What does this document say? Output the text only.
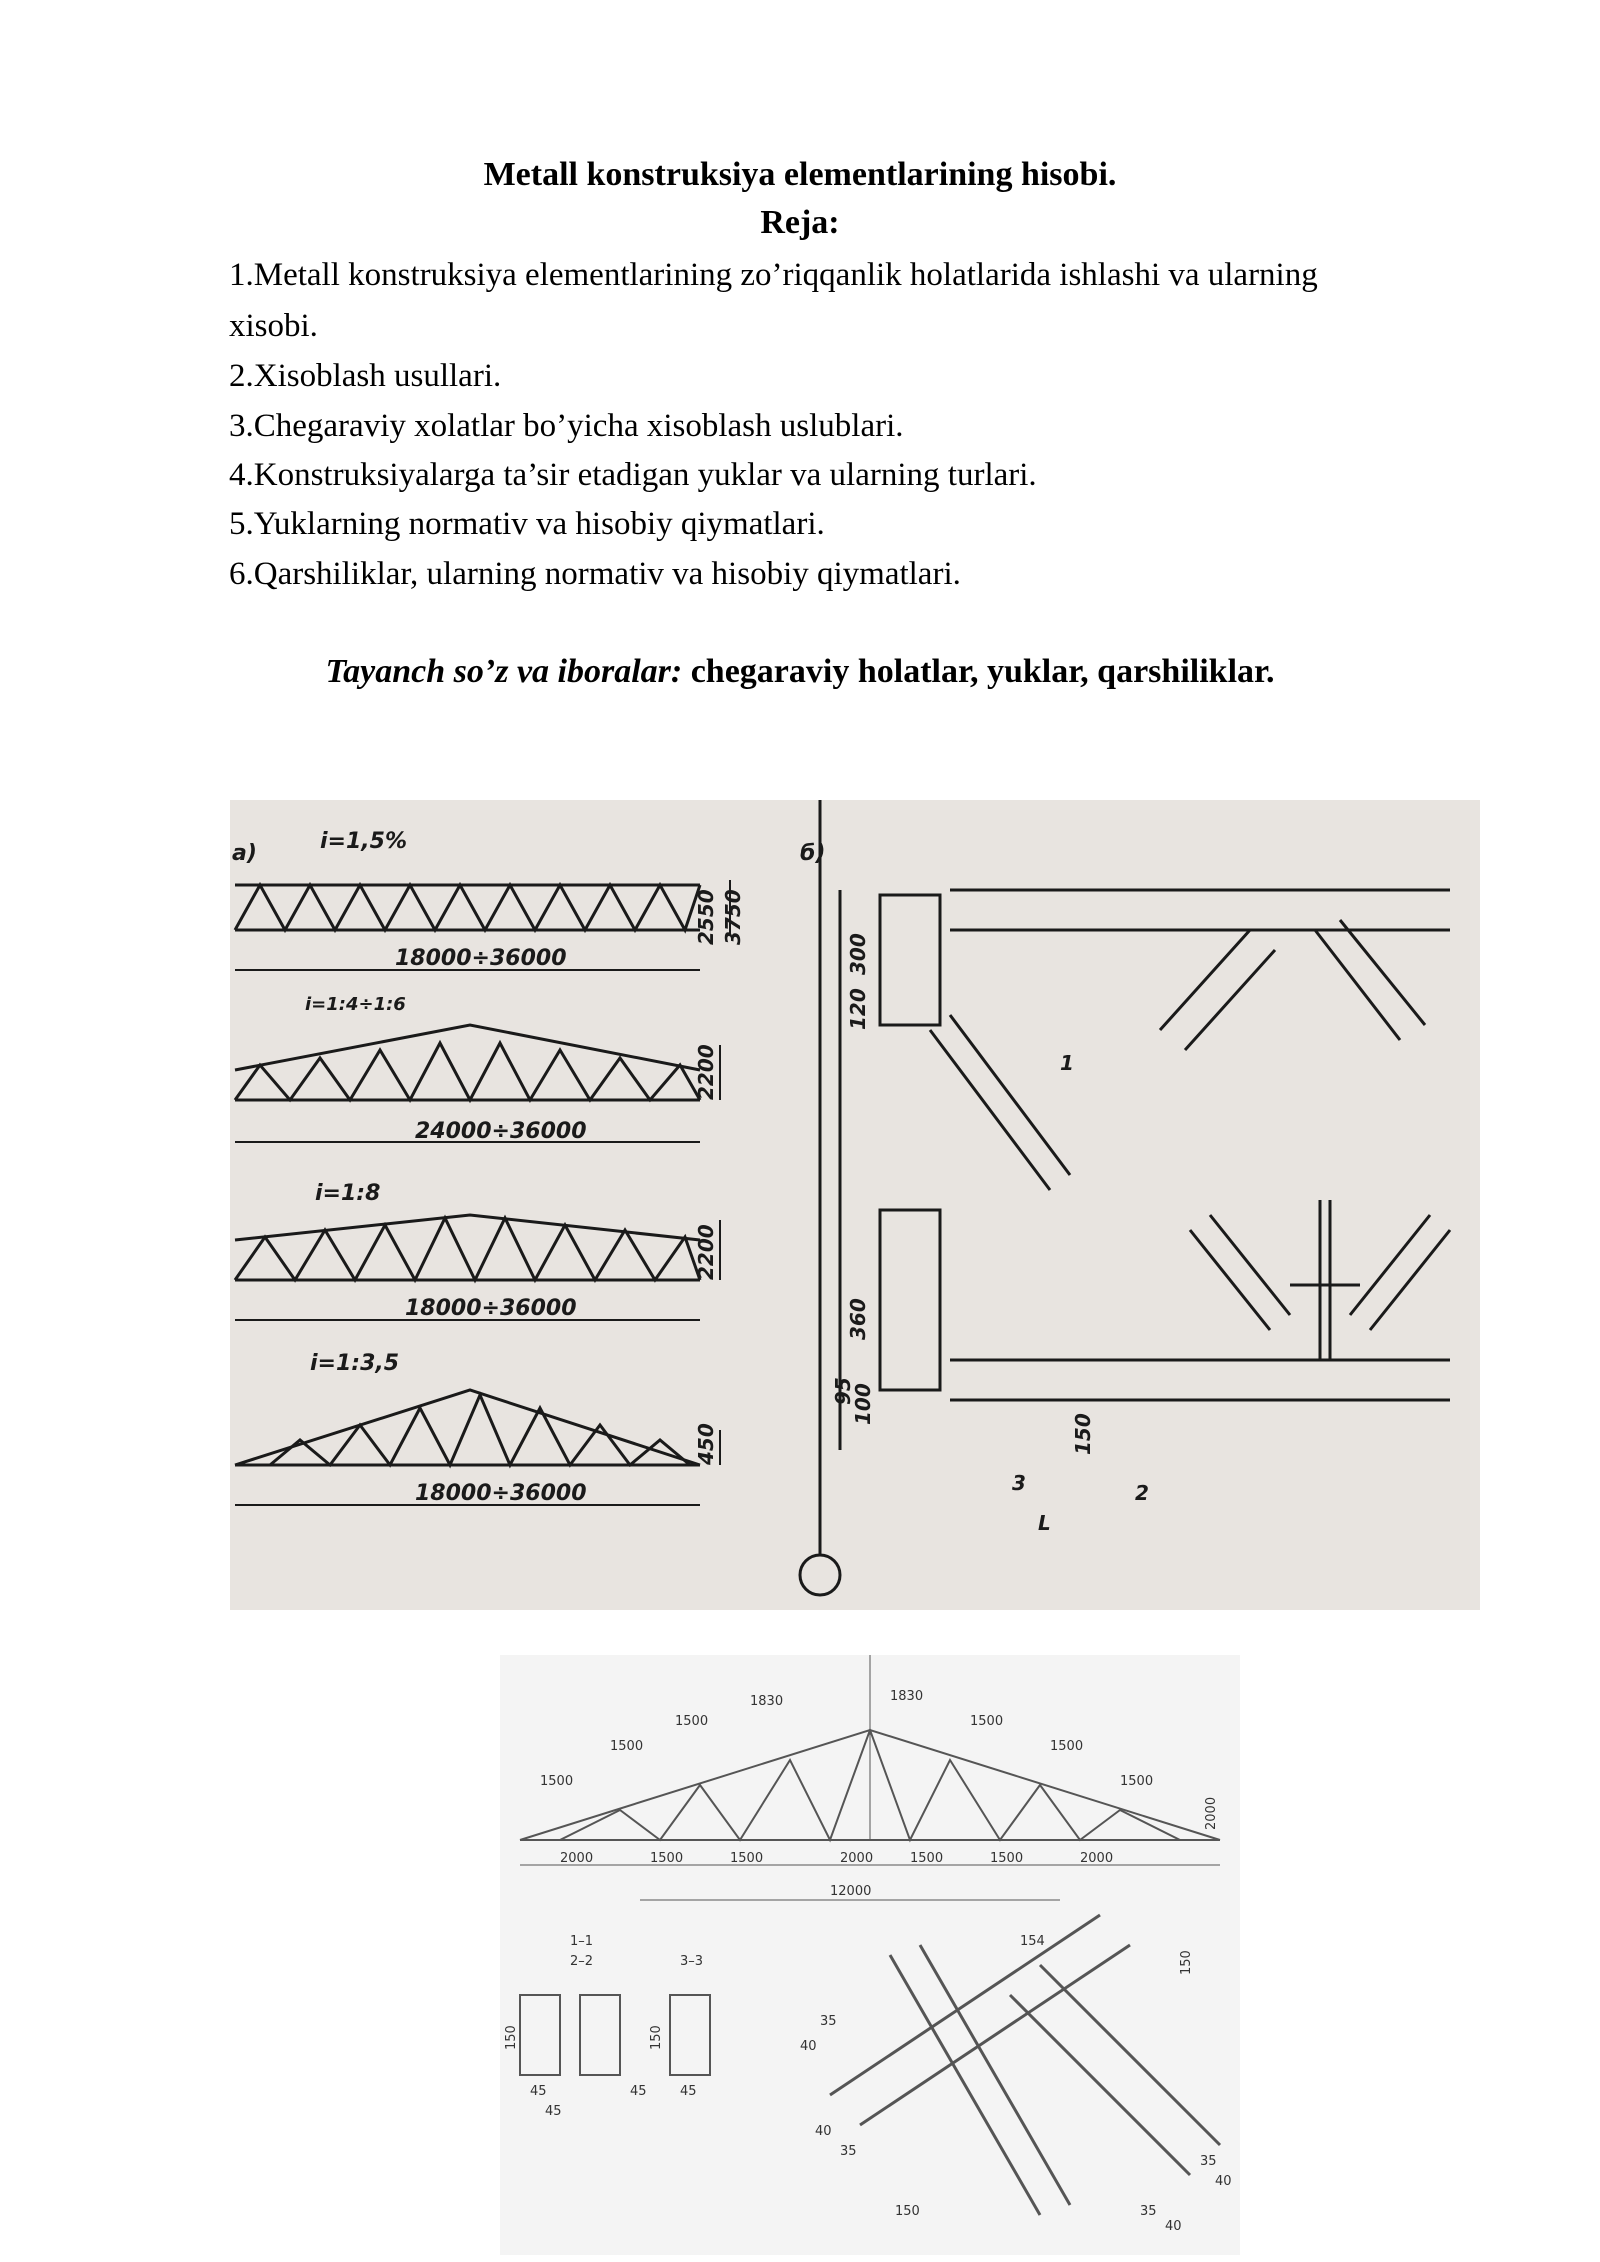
Metall konstruksiya elementlarining hisobi.
Reja:
1.Metall konstruksiya elementlarining zo’riqqanlik holatlarida ishlashi va ularning
xisobi.
2.Xisoblash usullari.
3.Chegaraviy xolatlar bo’yicha xisoblash uslublari.
4.Konstruksiyalarga ta’sir etadigan yuklar va ularning turlari.
5.Yuklarning normativ va hisobiy qiymatlari.
6.Qarshiliklar, ularning normativ va hisobiy qiymatlari.
Tayanch so’z va iboralar: chegaraviy holatlar, yuklar, qarshiliklar.
a)	б)
i=1,5%
18000÷36000
i=1:4÷1:6
24000÷36000
i=1:8
18000÷36000
i=1:3,5
18000÷36000
2550 3750
2200
2200
450
300
120
360
95
100
150
1
2
3
L
1830	1830
1500
1500
1500
1500
1500
1500
2000
2000	1500	1500	2000	1500	1500	2000
12000
1–1
2–2	3–3
150
45
45
150
45	45
154
150
35
40
40
35
35
40
150
35
40
